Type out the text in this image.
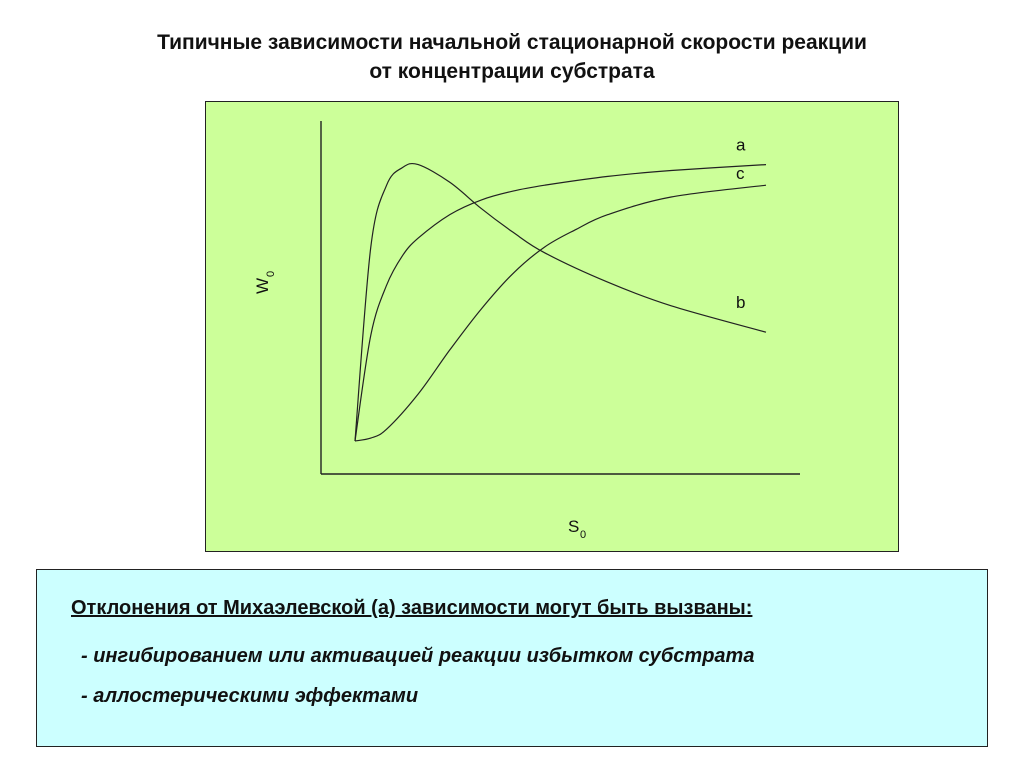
Типичные зависимости начальной стационарной скорости реакции
от концентрации субстрата
a
b
c
S 0
W
0
Отклонения от Михаэлевской (а) зависимости могут быть вызваны:
- ингибированием или активацией реакции избытком субстрата
- аллостерическими эффектами
